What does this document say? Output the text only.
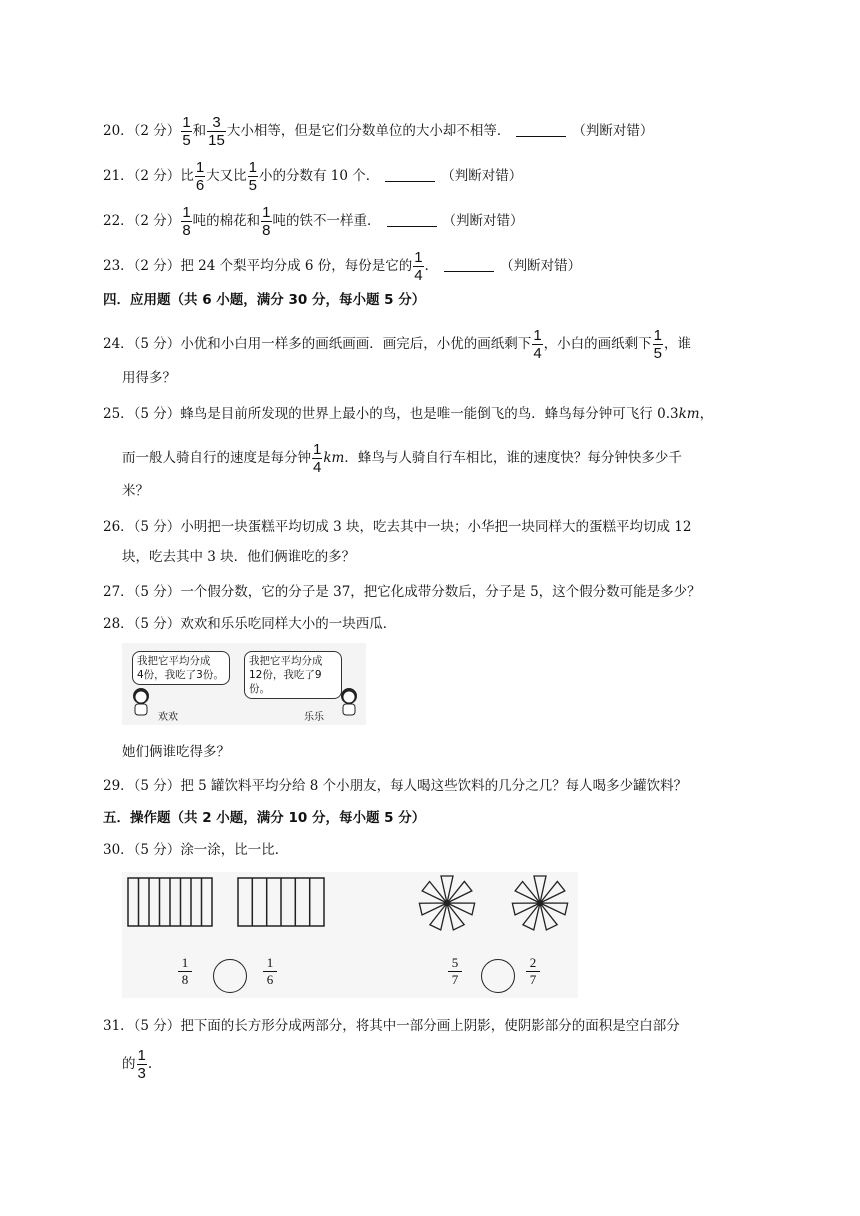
20．（2 分） $\frac{1}{5}$ 和 $\frac{3}{15}$ 大小相等，但是它们分数单位的大小却不相等．	（判断对错）
21．（2 分）比 $\frac{1}{6}$ 大又比 $\frac{1}{5}$ 小的分数有 10 个．	（判断对错）
22．（2 分） $\frac{1}{8}$ 吨的棉花和 $\frac{1}{8}$ 吨的铁不一样重．	（判断对错）
23．（2 分）把 24 个梨平均分成 6 份，每份是它的 $\frac{1}{4}$ ．	（判断对错）
四．应用题（共 6 小题，满分 30 分，每小题 5 分）
24．（5 分）小优和小白用一样多的画纸画画．画完后，小优的画纸剩下 $\frac{1}{4}$ ，小白的画纸剩下 $\frac{1}{5}$ ，谁
用得多？
25．（5 分）蜂鸟是目前所发现的世界上最小的鸟，也是唯一能倒飞的鸟．蜂鸟每分钟可飞行 0.3km，
而一般人骑自行的速度是每分钟 $\frac{1}{4}$ km．蜂鸟与人骑自行车相比，谁的速度快？每分钟快多少千
米？
26．（5 分）小明把一块蛋糕平均切成 3 块，吃去其中一块；小华把一块同样大的蛋糕平均切成 12
块，吃去其中 3 块．他们俩谁吃的多？
27．（5 分）一个假分数，它的分子是 37，把它化成带分数后，分子是 5，这个假分数可能是多少？
28．（5 分）欢欢和乐乐吃同样大小的一块西瓜．
我把它平均分成
4份，我吃了3份。
我把它平均分成
12份，我吃了9份。
欢欢	乐乐
她们俩谁吃得多？
29．（5 分）把 5 罐饮料平均分给 8 个小朋友，每人喝这些饮料的几分之几？每人喝多少罐饮料？
五．操作题（共 2 小题，满分 10 分，每小题 5 分）
30．（5 分）涂一涂，比一比．
1
8
1
6
5
7
2
7
31．（5 分）把下面的长方形分成两部分，将其中一部分画上阴影，使阴影部分的面积是空白部分
的 $\frac{1}{3}$ .
